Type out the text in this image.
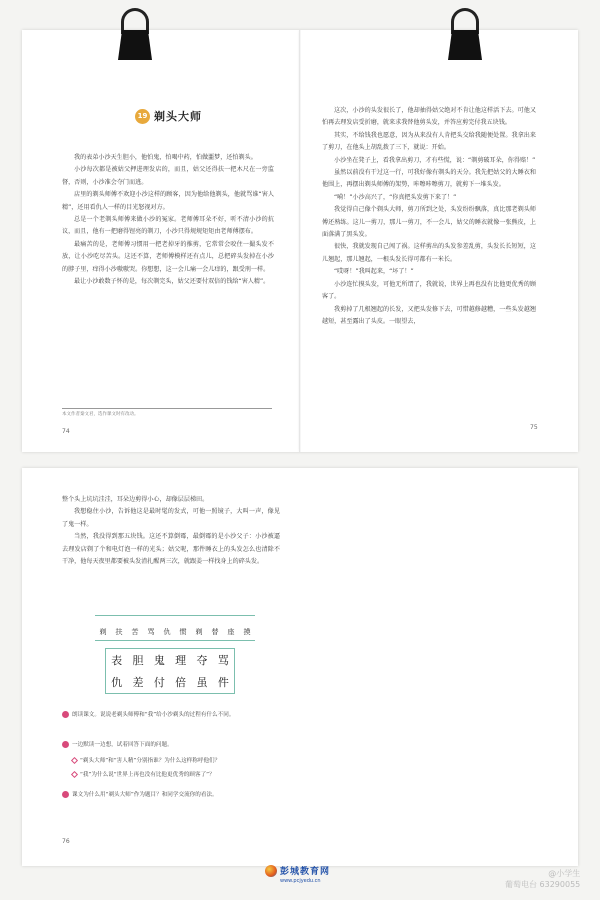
19 剃头大师

我的表弟小沙天生胆小，他怕鬼，怕喝中药，怕做噩梦，还怕剃头。

小沙每次都是被姑父押进理发店的，而且，姑父还得扶一把木尺在一旁监督，否则，小沙准会夺门而逃。

店里的剃头师傅不欢迎小沙这样的顾客，因为他给他剃头，他就骂谁“害人精”，还用看仇人一样的目光怒视对方。

总是一个老剃头师傅来做小沙的冤家。老师傅耳朵不好，听不清小沙的抗议，而且，他有一把磨得锃亮的剃刀，小沙只得规规矩矩由老师傅摆布。

最痛苦的是，老师傅习惯用一把老掉牙的推剪，它常常会咬住一撮头发不放，让小沙吃尽苦头。这还不算，老师傅模样还有点儿，总把碎头发掉在小沙的脖子里，痒得小沙嗷嗷哭。你想想，这一会儿痛一会儿痒的，跟受刑一样。

最让小沙敢数子怀的是，每次剃完头，姑父还要付双倍的钱给“害人精”。

本文作者秦文君，选作课文时有改动。
74

这次，小沙的头发很长了，他却抽得姑父绝对不肯让他这样活下去。可他又怕再去理发店受折磨，就来求我替他剪头发，并答应剪完付我五块钱。

其实，不给钱我也愿意，因为从来没有人肯把头交给我随便处置。我拿出来了剪刀，在他头上胡乱拨了三下，就说：开始。

小沙坐在凳子上，看我拿出剪刀，才有些慌，说：“剃剪破耳朵，你得赔！”

虽然以前没有干过这一行，可我好像有剃头的天分。我先把姑父的大睡衣和他围上，再摆出剃头师傅的架势，咔嚓咔嚓剪刀，就剪下一堆头发。

“嗬！”小沙高兴了，“你真把头发剪下来了！”

我觉得自己像个剃头大师，剪刀所到之处，头发纷纷飘落，真比那老剃头师傅还熟练。这儿一剪刀，那儿一剪刀，不一会儿，姑父的睡衣就像一张熊皮，上面落满了黑头发。

很快，我就发现自己闯了祸。这样剪出的头发参差乱剪，头发长长短短，这儿翘起，那儿翘起，一根头发长得可都有一米长。

“哎呀！”我叫起来，“坏了！”

小沙连忙摸头发，可他无所谓了，我就说，世界上再也没有比他更优秀的顾客了。

我剪掉了几根翘起的长发，又把头发修下去，可惜越修越糟，一些头发越翘越短，甚至露出了头皮。一眼望去，

75

整个头上坑坑洼洼，耳朵边剪得小心，却像层层梯田。

我想稳住小沙，告诉他这是最时髦的发式，可他一照镜子，大叫一声，像见了鬼一样。

当然，我没得到那五块钱。这还不算倒霉，最倒霉的是小沙父子：小沙被逼去理发店剃了个和电灯泡一样的光头；姑父呢，那件睡衣上的头发怎么也清除不干净，他每天夜里都要被头发渣扎醒两三次，就跟姜一样找身上的碎头发。

剃 扶 苦 骂 仇 惯 剃 替 座 摸
表 胆 鬼 理 夺 骂
仇 差 付 倍 虽 件
朗读课文。说说老剃头师傅和“我”给小沙剃头的过程有什么不同。
一边默读一边想，试着回答下面的问题。
“剃头大师”和“害人精”分别指谁？为什么这样称呼他们？
“我”为什么说“世界上再也没有比他更优秀的顾客了”？
课文为什么用“剃头大师”作为题目？和同学交流你的看法。
76
彭城教育网
www.pcjyedu.cn
@小学生
葡萄电台 63290055
